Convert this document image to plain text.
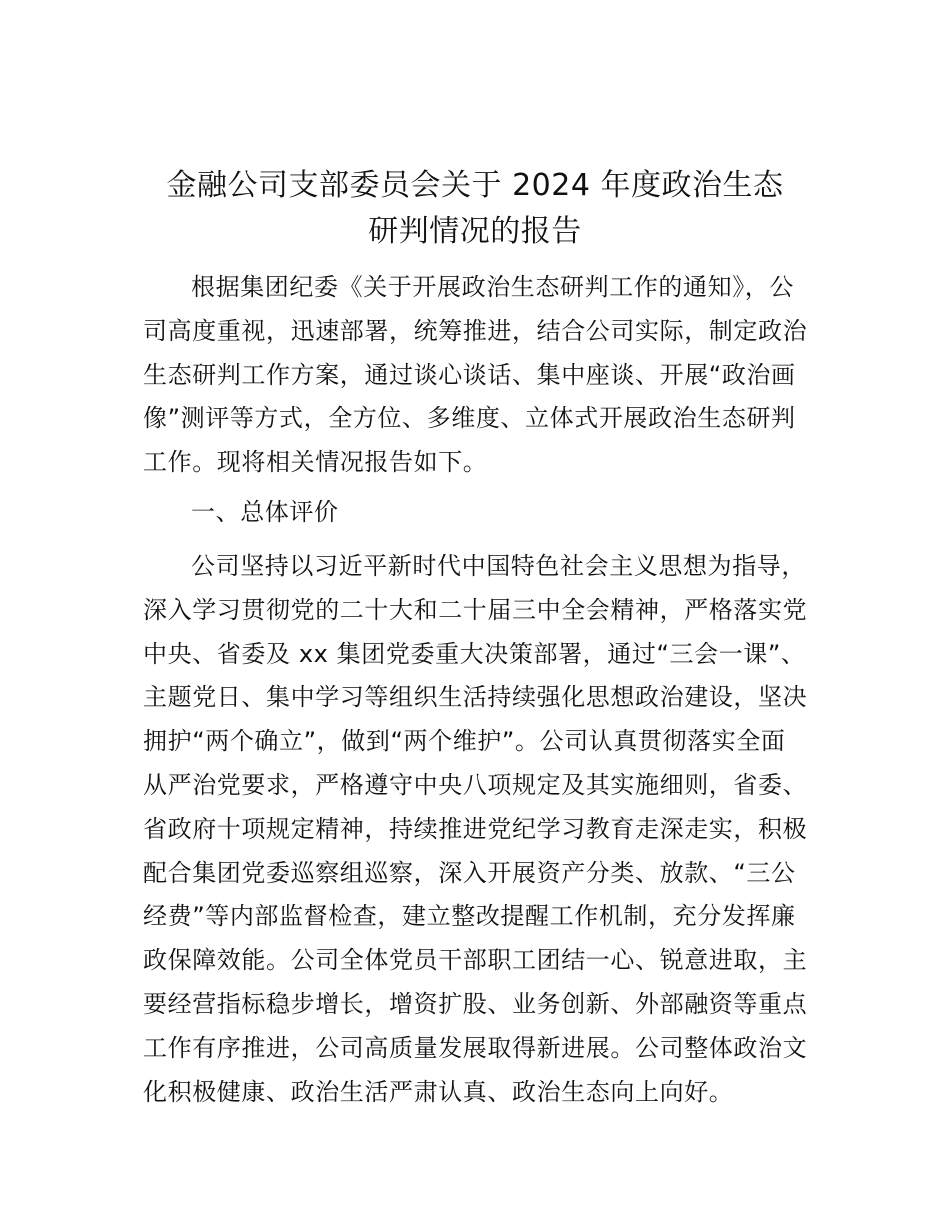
金融公司支部委员会关于 2024 年度政治生态
研判情况的报告
根据集团纪委《关于开展政治生态研判工作的通知》，公
司高度重视，迅速部署，统筹推进，结合公司实际，制定政治
生态研判工作方案，通过谈心谈话、集中座谈、开展“政治画
像”测评等方式，全方位、多维度、立体式开展政治生态研判
工作。现将相关情况报告如下。
一、总体评价
公司坚持以习近平新时代中国特色社会主义思想为指导，
深入学习贯彻党的二十大和二十届三中全会精神，严格落实党
中央、省委及 xx 集团党委重大决策部署，通过“三会一课”、
主题党日、集中学习等组织生活持续强化思想政治建设，坚决
拥护“两个确立”，做到“两个维护”。公司认真贯彻落实全面
从严治党要求，严格遵守中央八项规定及其实施细则，省委、
省政府十项规定精神，持续推进党纪学习教育走深走实，积极
配合集团党委巡察组巡察，深入开展资产分类、放款、“三公
经费”等内部监督检查，建立整改提醒工作机制，充分发挥廉
政保障效能。公司全体党员干部职工团结一心、锐意进取，主
要经营指标稳步增长，增资扩股、业务创新、外部融资等重点
工作有序推进，公司高质量发展取得新进展。公司整体政治文
化积极健康、政治生活严肃认真、政治生态向上向好。
